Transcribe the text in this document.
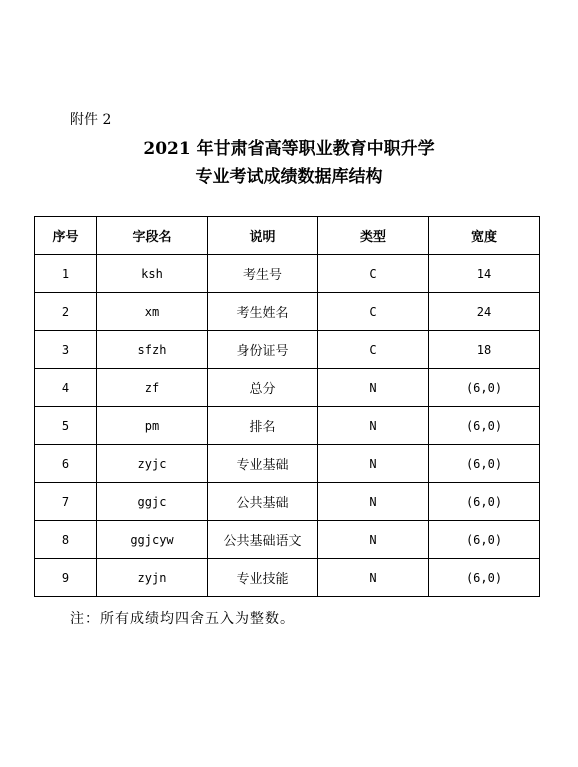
附件 2
2021 年甘肃省高等职业教育中职升学
专业考试成绩数据库结构
序号	字段名	说明	类型	宽度
1	ksh	考生号	C	14
2	xm	考生姓名	C	24
3	sfzh	身份证号	C	18
4	zf	总分	N	(6,0)
5	pm	排名	N	(6,0)
6	zyjc	专业基础	N	(6,0)
7	ggjc	公共基础	N	(6,0)
8	ggjcyw	公共基础语文	N	(6,0)
9	zyjn	专业技能	N	(6,0)
注：所有成绩均四舍五入为整数。
